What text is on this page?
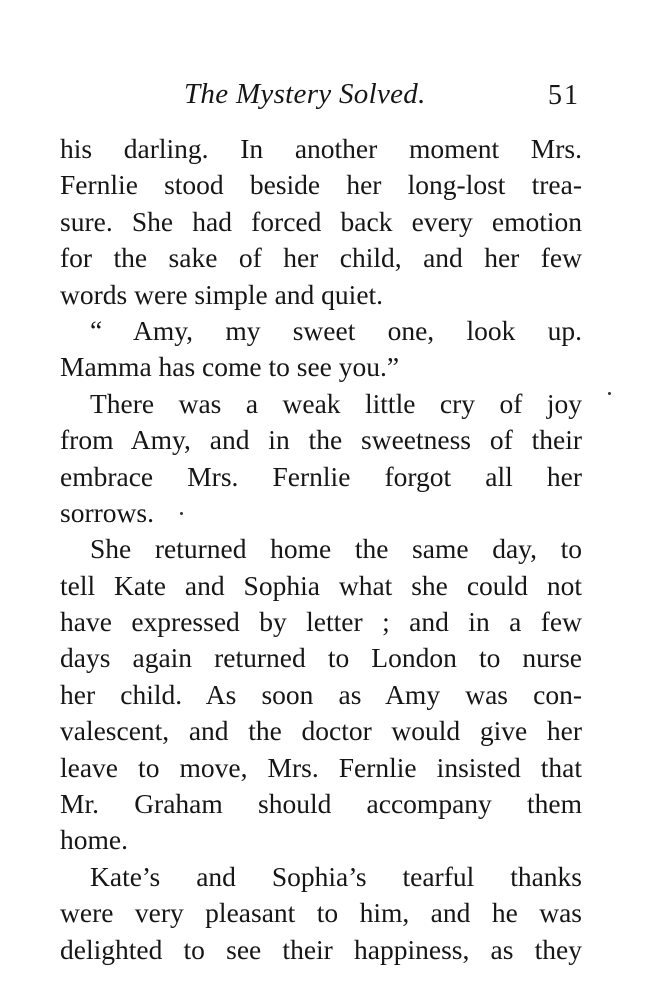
The Mystery Solved.	51
his darling. In another moment Mrs.
Fernlie stood beside her long-lost trea-
sure. She had forced back every emotion
for the sake of her child, and her few
words were simple and quiet.
“ Amy, my sweet one, look up.
Mamma has come to see you.”
There was a weak little cry of joy
from Amy, and in the sweetness of their
embrace Mrs. Fernlie forgot all her
sorrows.
She returned home the same day, to
tell Kate and Sophia what she could not
have expressed by letter ; and in a few
days again returned to London to nurse
her child. As soon as Amy was con-
valescent, and the doctor would give her
leave to move, Mrs. Fernlie insisted that
Mr. Graham should accompany them
home.
Kate’s and Sophia’s tearful thanks
were very pleasant to him, and he was
delighted to see their happiness, as they
